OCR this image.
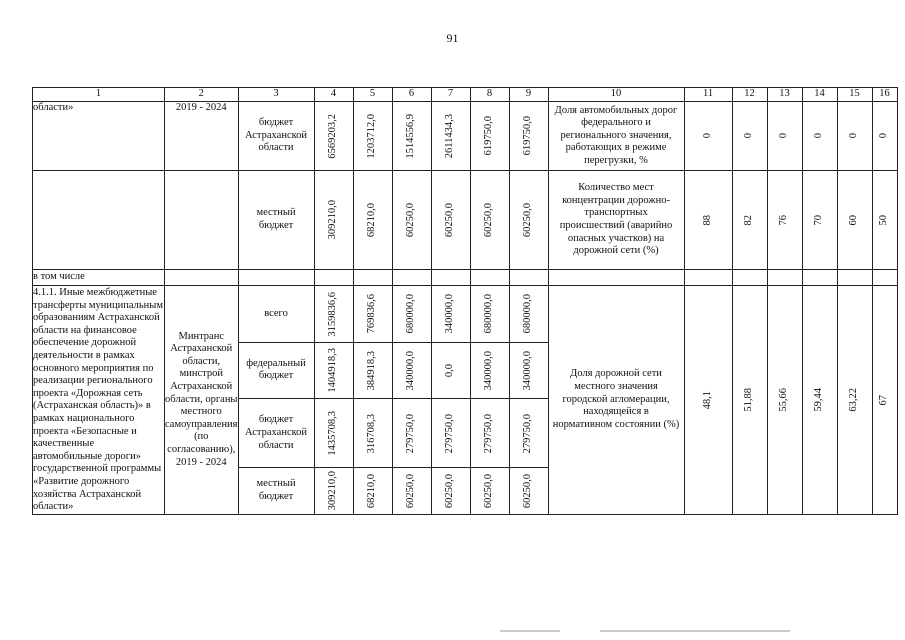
91
1	2	3	4	5	6	7	8	9	10	11	12	13	14	15	16
области»	2019 - 2024	бюджет Астраханской области	6569203,2	1203712,0	1514556,9	2611434,3	619750,0	619750,0	Доля автомобильных дорог федерального и регионального значения, работающих в режиме перегрузки, %	0	0	0	0	0	0

		местный бюджет	309210,0	68210,0	60250,0	60250,0	60250,0	60250,0	Количество мест концентрации дорожно-транспортных происшествий (аварийно опасных участков) на дорожной сети (%)	88	82	76	70	60	50

в том числе															
4.1.1. Иные межбюджетные трансферты муниципальным образованиям Астраханской области на финансовое обеспечение дорожной деятельности в рамках основного мероприятия по реализации регионального проекта «Дорожная сеть (Астраханская область)» в рамках национального проекта «Безопасные и качественные автомобильные дороги» государственной программы «Развитие дорожного хозяйства Астраханской области»	Минтранс Астраханской области, минстрой Астраханской области, органы местного самоуправления (по согласованию), 2019 - 2024	всего	3159836,6	769836,6	680000,0	340000,0	680000,0	680000,0	Доля дорожной сети местного значения городской агломерации, находящейся в нормативном состоянии (%)	48,1	51,88	55,66	59,44	63,22	67

		федеральный бюджет	1404918,3	384918,3	340000,0	0,0	340000,0	340000,0							

		бюджет Астраханской области	1435708,3	316708,3	279750,0	279750,0	279750,0	279750,0							

		местный бюджет	309210,0	68210,0	60250,0	60250,0	60250,0	60250,0							
